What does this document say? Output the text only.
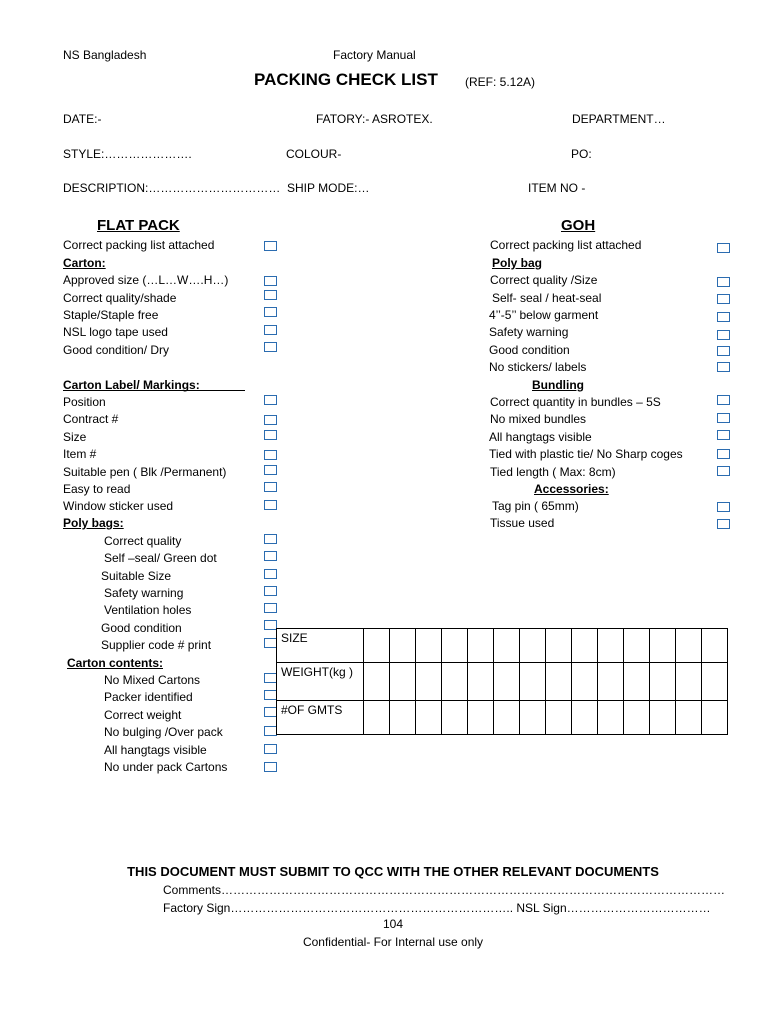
NS Bangladesh	Factory Manual
PACKING CHECK LIST (REF: 5.12A)
DATE:-	FATORY:- ASROTEX.	DEPARTMENT…
STYLE:………………….	COLOUR-	PO:
DESCRIPTION:…………………………… SHIP MODE:…	ITEM NO -
FLAT PACK	GOH
Correct packing list attached
Carton:
Approved size (…L…W….H…)
Correct quality/shade
Staple/Staple free
NSL logo tape used
Good condition/ Dry
Carton Label/ Markings:
Position
Contract #
Size
Item #
Suitable pen ( Blk /Permanent)
Easy to read
Window sticker used
Poly bags:
Correct quality
Self –seal/ Green dot
Suitable Size
Safety warning
Ventilation holes
Good condition
Supplier code # print
Carton contents:
No Mixed Cartons
Packer identified
Correct weight
No bulging /Over pack
All hangtags visible
No under pack Cartons
Correct packing list attached
Poly bag
Correct quality /Size
Self- seal / heat-seal
4’’-5’’ below garment
Safety warning
Good condition
No stickers/ labels
Bundling
Correct quantity in bundles – 5S
No mixed bundles
All hangtags visible
Tied with plastic tie/ No Sharp coges
Tied length ( Max: 8cm)
Accessories:
Tag pin ( 65mm)
Tissue used
SIZE														
WEIGHT(kg )														
#OF GMTS														
THIS DOCUMENT MUST SUBMIT TO QCC WITH THE OTHER RELEVANT DOCUMENTS
Comments………………………………………………………………………………………………………………
Factory Sign…………………………………………………………….. NSL Sign………………………………
104
Confidential- For Internal use only
